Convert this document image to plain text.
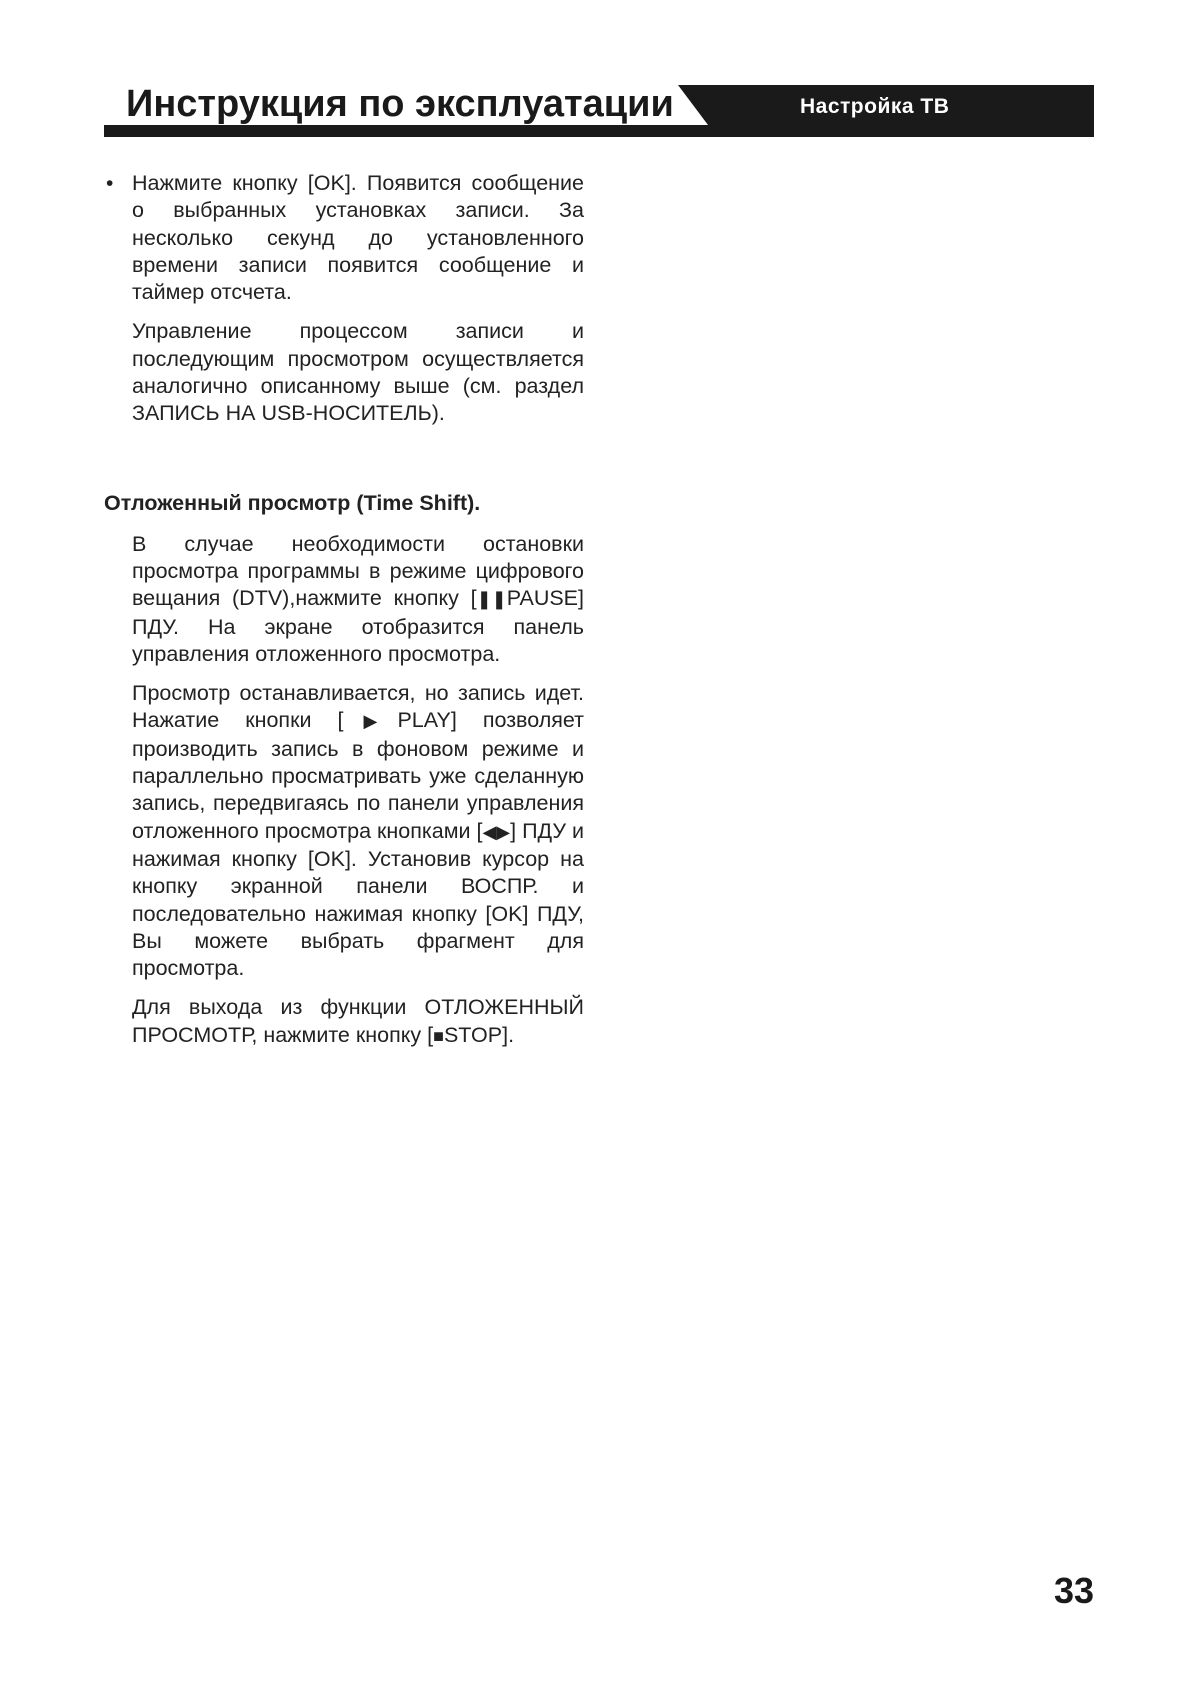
Инструкция по эксплуатации	Настройка ТВ
• Нажмите кнопку [OK]. Появится сообщение о выбранных установках записи. За несколько секунд до установленного времени записи появится сообщение и таймер отсчета.

Управление процессом записи и последующим просмотром осуществляется аналогично описанному выше (см. раздел ЗАПИСЬ НА USB-НОСИТЕЛЬ).

Отложенный просмотр (Time Shift).

В случае необходимости остановки просмотра программы в режиме цифрового вещания (DTV),нажмите кнопку [❚❚PAUSE] ПДУ. На экране отобразится панель управления отложенного просмотра.

Просмотр останавливается, но запись идет. Нажатие кнопки [▶PLAY] позволяет производить запись в фоновом режиме и параллельно просматривать уже сделанную запись, передвигаясь по панели управления отложенного просмотра кнопками [◀▶] ПДУ и нажимая кнопку [OK]. Установив курсор на кнопку экранной панели ВОСПР. и последовательно нажимая кнопку [OK] ПДУ, Вы можете выбрать фрагмент для просмотра.

Для выхода из функции ОТЛОЖЕННЫЙ ПРОСМОТР, нажмите кнопку [■STOP].

33
